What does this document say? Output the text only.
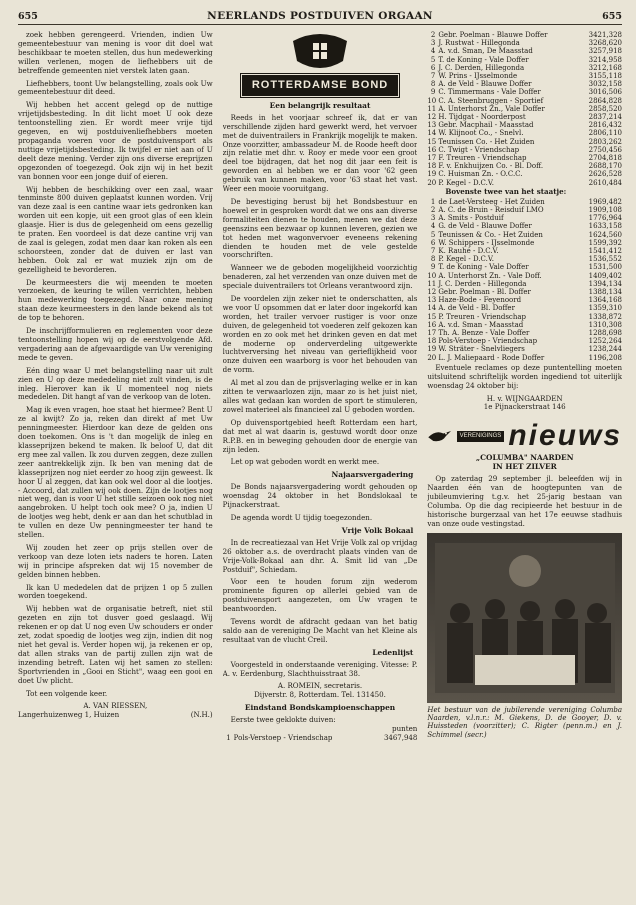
655	NEERLANDS POSTDUIVEN ORGAAN	655

zoek hebben gerengeerd. Vrienden, indien Uw gemeentebestuur van mening is voor dit doel wat beschikbaar te moeten stellen, dus hun medewerking willen verlenen, mogen de liefhebbers uit de betreffende gemeenten niet verstek laten gaan.

Liefhebbers, toont Uw belangstelling, zoals ook Uw gemeentebestuur dit deed.

Wij hebben het accent gelegd op de nuttige vrijetijdsbesteding. In dit licht moet U ook deze tentoonstelling zien. Er wordt meer vrije tijd gegeven, en wij postduivenliefhebbers moeten propaganda voeren voor de postduivensport als nuttige vrijetijdsbesteding. Ik twijfel er niet aan of U deelt deze mening. Verder zijn ons diverse ereprijzen opgezonden of toegezegd. Ook zijn wij in het bezit van bonnen voor een jonge duif of eieren.

Wij hebben de beschikking over een zaal, waar tenminste 800 duiven geplaatst kunnen worden. Vrij van deze zaal is een cantine waar iets gedronken kan worden uit een kopje, uit een groot glas of een klein glaasje. Hier is dus de gelegenheid om eens gezellig te praten. Een voordeel is dat deze cantine vrij van de zaal is gelegen, zodat men daar kan roken als een schoorsteen, zonder dat de duiven er last van hebben. Ook zal er wat muziek zijn om de gezelligheid te bevorderen.

De keurmeesters die wij meenden te moeten verzoeken, de keuring te willen verrichten, hebben hun medewerking toegezegd. Naar onze mening staan deze keurmeesters in den lande bekend als tot de top te behoren.

De inschrijfformulieren en reglementen voor deze tentoonstelling hopen wij op de eerstvolgende Afd. vergadering aan de afgevaardigde van Uw vereniging mede te geven.

Eén ding waar U met belangstelling naar uit zult zien en U op deze mededeling niet zult vinden, is de inleg. Hierover kan ik U momenteel nog niets mededelen. Dit hangt af van de verkoop van de loten.

Mag ik even vragen, hoe staat het hiermee? Bent U ze al kwijt? Zo ja, reken dan direkt af met Uw penningmeester. Hierdoor kan deze de gelden ons doen toekomen. Ons is 't dan mogelijk de inleg en klasseprijzen bekend te maken. Ik beloof U, dat dit erg mee zal vallen. Ik zou durven zeggen, deze zullen zeer aantrekkelijk zijn. Ik ben van mening dat de klasseprijzen nog niet eerder zo hoog zijn geweest. Ik hoor U al zeggen, dat kan ook wel door al die lootjes. - Accoord, dat zullen wij ook doen. Zijn de lootjes nog niet weg, dan is voor U het stille seizoen ook nog niet aangebroken. U helpt toch ook mee? O ja, indien U de lootjes weg hebt, denk er aan dan het schutblad in te vullen en deze Uw penningmeester ter hand te stellen.

Wij zouden het zeer op prijs stellen over de verkoop van deze loten iets naders te horen. Laten wij in principe afspreken dat wij 15 november de gelden binnen hebben.

Ik kan U mededelen dat de prijzen 1 op 5 zullen worden toegekend.

Wij hebben wat de organisatie betreft, niet stil gezeten en zijn tot dusver goed geslaagd. Wij rekenen er op dat U nog even Uw schouders er onder zet, zodat spoedig de lootjes weg zijn, indien dit nog niet het geval is. Verder hopen wij, ja rekenen er op, dat allen straks van de partij zullen zijn wat de inzending betreft. Laten wij het samen zo stellen: Sportvrienden in „Gooi en Sticht", waag een gooi en doet Uw plicht.

Tot een volgende keer.

A. VAN RIESSEN,
Langerhuizenweg 1, Huizen	(N.H.)
ROTTERDAMSE BOND
Een belangrijk resultaat

Reeds in het voorjaar schreef ik, dat er van verschillende zijden hard gewerkt werd, het vervoer met de duiventrailers in Frankrijk mogelijk te maken. Onze voorzitter, ambassadeur M. de Roode heeft door zijn relatie met dhr. v. Rooy er mede voor een groot deel toe bijdragen, dat het nog dit jaar een feit is geworden en al hebben we er dan voor '62 geen gebruik van kunnen maken, voor '63 staat het vast. Weer een mooie vooruitgang.

De bevestiging berust bij het Bondsbestuur en hoewel er in gesproken wordt dat we ons aan diverse formaliteiten dienen te houden, menen we dat deze geenszins een bezwaar op kunnen leveren, gezien we tot heden met wagonvervoer eveneens rekening dienden te houden met de vele gestelde voorschriften.

Wanneer we de geboden mogelijkheid voorzichtig benaderen, zal het verzenden van onze duiven met de speciale duiventrailers tot Orleans verantwoord zijn.

De voordelen zijn zeker niet te onderschatten, als we voor U opsommen dat er later door ingekorfd kan worden, het trailer vervoer rustiger is voor onze duiven, de gelegenheid tot voederen zelf gekozen kan worden en zo ook met het drinken geven en dat met de moderne op onderverdeling uitgewerkte luchtverversing het niveau van gerieflijkheid voor onze duiven een waarborg is voor het behouden van de vorm.

Al met al zou dan de prijsverlaging welke er in kan zitten te verwaarlozen zijn, maar zo is het juist niet, alles wat gedaan kan worden de sport te stimuleren, zowel materieel als financieel zal U geboden worden.

Op duivensportgebied heeft Rotterdam een hart, dat met al wat daarin is, gestuwd wordt door onze R.P.B. en in beweging gehouden door de energie van zijn leden.

Let op wat geboden wordt en werkt mee.

Najaarsvergadering

De Bonds najaarsvergadering wordt gehouden op woensdag 24 oktober in het Bondslokaal te Pijnackerstraat.

De agenda wordt U tijdig toegezonden.

Vrije Volk Bokaal

In de recreatiezaal van Het Vrije Volk zal op vrijdag 26 oktober a.s. de overdracht plaats vinden van de Vrije-Volk-Bokaal aan dhr. A. Smit lid van „De Postduif", Schiedam.

Voor een te houden forum zijn wederom prominente figuren op allerlei gebied van de postduivensport aangezeten, om Uw vragen te beantwoorden.

Tevens wordt de afdracht gedaan van het batig saldo aan de vereniging De Macht van het Kleine als resultaat van de vlucht Creil.

Ledenlijst

Voorgesteld in onderstaande vereniging. Vitesse: P. A. v. Eerdenburg, Slachthuisstraat 38.

A. ROMEIN, secretaris.
Dijverstr. 8, Rotterdam. Tel. 131450.
Eindstand Bondskampioenschappen
Eerste twee geklokte duiven:
punten
1 Pols-Verstoep - Vriendschap	3467,948
2 Gebr. Poelman - Blauwe Doffer	3421,328
3 J. Rustwat - Hillegonda	3268,620
4 A. v.d. Sman, De Maasstad	3257,918
5 T. de Koning - Vale Doffer	3214,958
6 J. C. Derden, Hillegonda	3212,168
7 W. Prins - IJsselmonde	3155,118
8 A. de Veld - Blauwe Doffer	3032,158
9 C. Timmermans - Vale Doffer	3016,506
10 C. A. Steenbruggen - Sportief	2864,828
11 A. Unterhorst Zn., Vale Doffer	2858,520
12 H. Tijdgat - Noorderpost	2837,214
13 Gebr. Macphail - Maasstad	2816,432
14 W. Klijnoot Co., - Snelvl.	2806,110
15 Teunissen Co. - Het Zuiden	2803,262
16 C. Twigt - Vriendschap	2750,456
17 F. Treuren - Vriendschap	2704,818
18 F. v. Enkhuijzen Co. - Bl. Doff.	2688,170
19 C. Huisman Zn. - O.C.C.	2626,528
20 P. Kegel - D.C.V.	2610,484
Bovenste twee van het staatje:
1 de Laet-Versteeg - Het Zuiden	1969,482
2 A. C. de Bruin - Reisduif LMO	1909,108
3 A. Smits - Postduif	1776,964
4 G. de Veld - Blauwe Doffer	1633,158
5 Teunissen & Co. - Het Zuiden	1624,560
6 W. Schippers - IJsselmonde	1599,392
7 K. Rauhé - D.C.V.	1541,412
8 P. Kegel - D.C.V.	1536,552
9 T. de Koning - Vale Doffer	1531,500
10 A. Unterhorst Zn. - Vale Doff.	1409,402
11 J. C. Derden - Hillegonda	1394,134
12 Gebr. Poelman - Bl. Doffer	1388,134
13 Haze-Bode - Feyenoord	1364,168
14 A. de Veld - Bl. Doffer	1359,310
15 P. Treuren - Vriendschap	1338,872
16 A. v.d. Sman - Maasstad	1310,308
17 Th. A. Benze - Vale Doffer	1288,698
18 Pols-Verstoep - Vriendschap	1252,264
19 W. Sträter - Snelvliegers	1238,244
20 L. J. Maliepaard - Rode Doffer	1196,208

Eventuele reclames op deze puntentelling moeten uitsluitend schriftelijk worden ingediend tot uiterlijk woensdag 24 oktober bij:

H. v. WIJNGAARDEN
1e Pijnackerstraat 146
VERENIGINGS nieuws
„COLUMBA" NAARDEN
IN HET ZILVER

Op zaterdag 29 september jl. beleefden wij in Naarden één van de hoogtepunten van de jubileumviering t.g.v. het 25-jarig bestaan van Columba. Op die dag recipieerde het bestuur in de historische burgerzaal van het 17e eeuwse stadhuis van onze oude vestingstad.

Het bestuur van de jubilerende vereniging Columba Naarden, v.l.n.r.: M. Giekens, D. de Gooyer, D. v. Huissteden (voorzitter); C. Rigter (penn.m.) en J. Schimmel (secr.)
